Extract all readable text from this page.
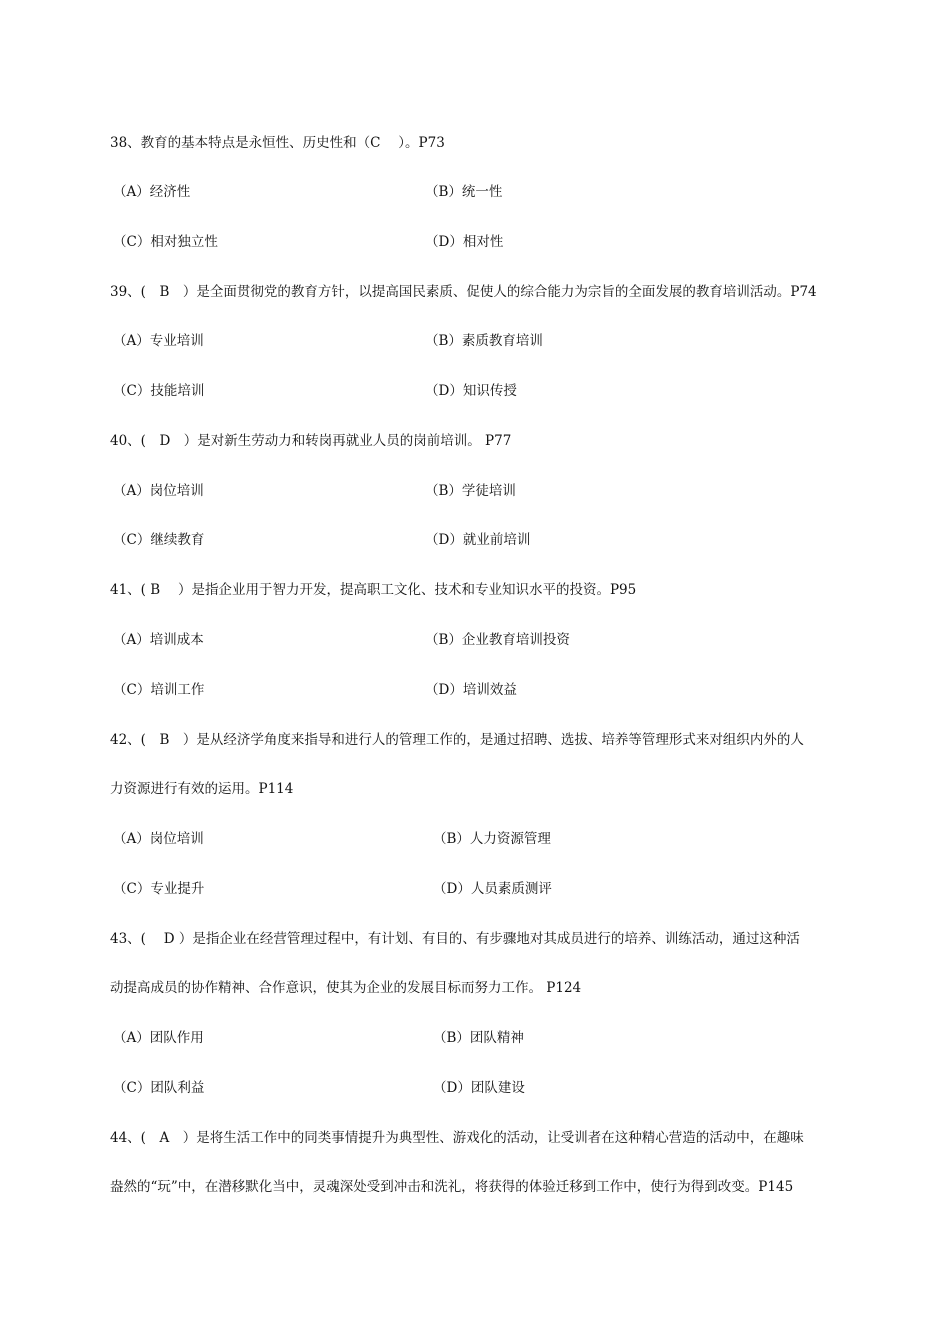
38、教育的基本特点是永恒性、历史性和（C　 ）。P73
（A）经济性	（B）统一性
（C）相对独立性	（D）相对性
39、(　B　）是全面贯彻党的教育方针，以提高国民素质、促使人的综合能力为宗旨的全面发展的教育培训活动。P74
（A）专业培训	（B）素质教育培训
（C）技能培训	（D）知识传授
40、(　D　）是对新生劳动力和转岗再就业人员的岗前培训。 P77
（A）岗位培训	（B）学徒培训
（C）继续教育	（D）就业前培训
41、( B　 ）是指企业用于智力开发，提高职工文化、技术和专业知识水平的投资。P95
（A）培训成本	（B）企业教育培训投资
（C）培训工作	（D）培训效益
42、(　B　）是从经济学角度来指导和进行人的管理工作的，是通过招聘、选拔、培养等管理形式来对组织内外的人
力资源进行有效的运用。P114
（A）岗位培训	（B）人力资源管理
（C）专业提升	（D）人员素质测评
43、(　 D ）是指企业在经营管理过程中，有计划、有目的、有步骤地对其成员进行的培养、训练活动，通过这种活
动提高成员的协作精神、合作意识，使其为企业的发展目标而努力工作。 P124
（A）团队作用	（B）团队精神
（C）团队利益	（D）团队建设
44、(　A　）是将生活工作中的同类事情提升为典型性、游戏化的活动，让受训者在这种精心营造的活动中，在趣味
盎然的“玩”中，在潜移默化当中，灵魂深处受到冲击和洗礼，将获得的体验迁移到工作中，使行为得到改变。P145
